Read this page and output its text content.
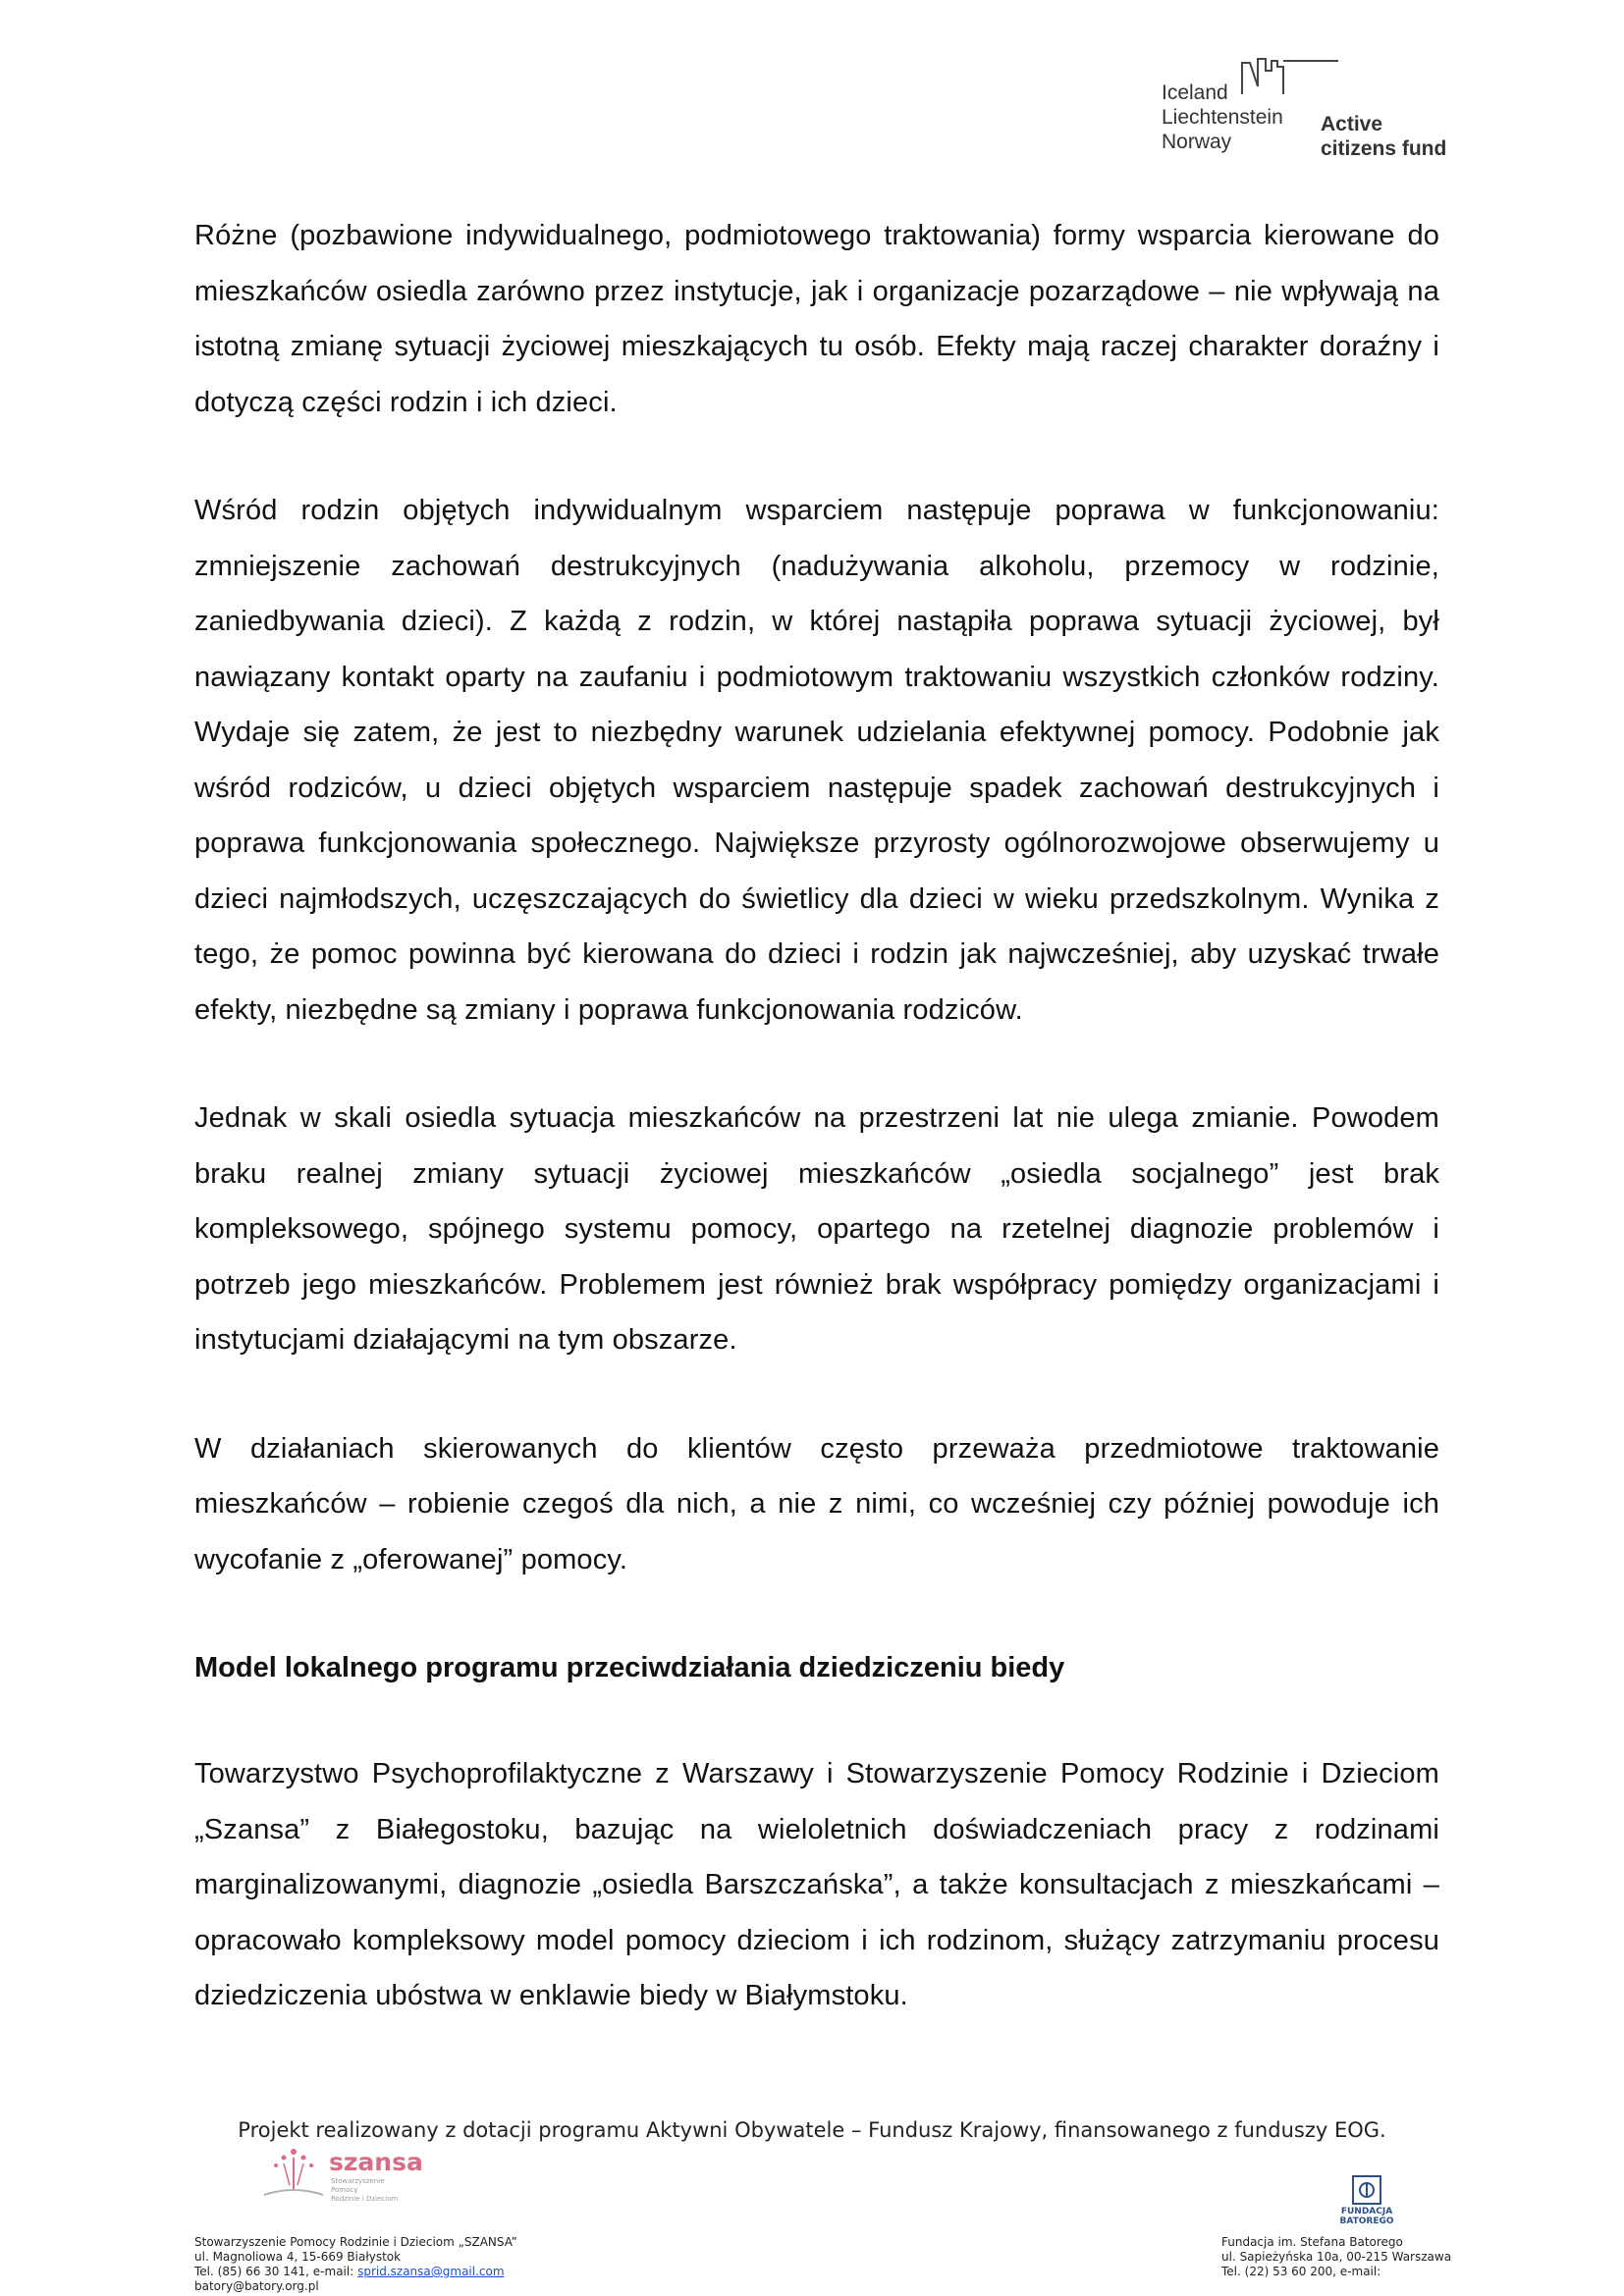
Iceland
Liechtenstein
Norway
Active
citizens fund

Różne (pozbawione indywidualnego, podmiotowego traktowania) formy wsparcia kierowane do mieszkańców osiedla zarówno przez instytucje, jak i organizacje pozarządowe – nie wpływają na istotną zmianę sytuacji życiowej mieszkających tu osób. Efekty mają raczej charakter doraźny i dotyczą części rodzin i ich dzieci.

Wśród rodzin objętych indywidualnym wsparciem następuje poprawa w funkcjonowaniu: zmniejszenie zachowań destrukcyjnych (nadużywania alkoholu, przemocy w rodzinie, zaniedbywania dzieci). Z każdą z rodzin, w której nastąpiła poprawa sytuacji życiowej, był nawiązany kontakt oparty na zaufaniu i podmiotowym traktowaniu wszystkich członków rodziny. Wydaje się zatem, że jest to niezbędny warunek udzielania efektywnej pomocy. Podobnie jak wśród rodziców, u dzieci objętych wsparciem następuje spadek zachowań destrukcyjnych i poprawa funkcjonowania społecznego. Największe przyrosty ogólnorozwojowe obserwujemy u dzieci najmłodszych, uczęszczających do świetlicy dla dzieci w wieku przedszkolnym. Wynika z tego, że pomoc powinna być kierowana do dzieci i rodzin jak najwcześniej, aby uzyskać trwałe efekty, niezbędne są zmiany i poprawa funkcjonowania rodziców.

Jednak w skali osiedla sytuacja mieszkańców na przestrzeni lat nie ulega zmianie. Powodem braku realnej zmiany sytuacji życiowej mieszkańców „osiedla socjalnego” jest brak kompleksowego, spójnego systemu pomocy, opartego na rzetelnej diagnozie problemów i potrzeb jego mieszkańców. Problemem jest również brak współpracy pomiędzy organizacjami i instytucjami działającymi na tym obszarze.

W działaniach skierowanych do klientów często przeważa przedmiotowe traktowanie mieszkańców – robienie czegoś dla nich, a nie z nimi, co wcześniej czy później powoduje ich wycofanie z „oferowanej” pomocy.

Model lokalnego programu przeciwdziałania dziedziczeniu biedy

Towarzystwo Psychoprofilaktyczne z Warszawy i Stowarzyszenie Pomocy Rodzinie i Dzieciom „Szansa” z Białegostoku, bazując na wieloletnich doświadczeniach pracy z rodzinami marginalizowanymi, diagnozie „osiedla Barszczańska”, a także konsultacjach z mieszkańcami – opracowało kompleksowy model pomocy dzieciom i ich rodzinom, służący zatrzymaniu procesu dziedziczenia ubóstwa w enklawie biedy w Białymstoku.

Projekt realizowany z dotacji programu Aktywni Obywatele – Fundusz Krajowy, finansowanego z funduszy EOG.
szansa
Stowarzyszenie
Pomocy
Rodzinie i Dzieciom
FUNDACJA
BATOREGO
Stowarzyszenie Pomocy Rodzinie i Dzieciom „SZANSA”
ul. Magnoliowa 4, 15-669 Białystok
Tel. (85) 66 30 141, e-mail: sprid.szansa@gmail.com
batory@batory.org.pl
Fundacja im. Stefana Batorego
ul. Sapieżyńska 10a, 00-215 Warszawa
Tel. (22) 53 60 200, e-mail:
